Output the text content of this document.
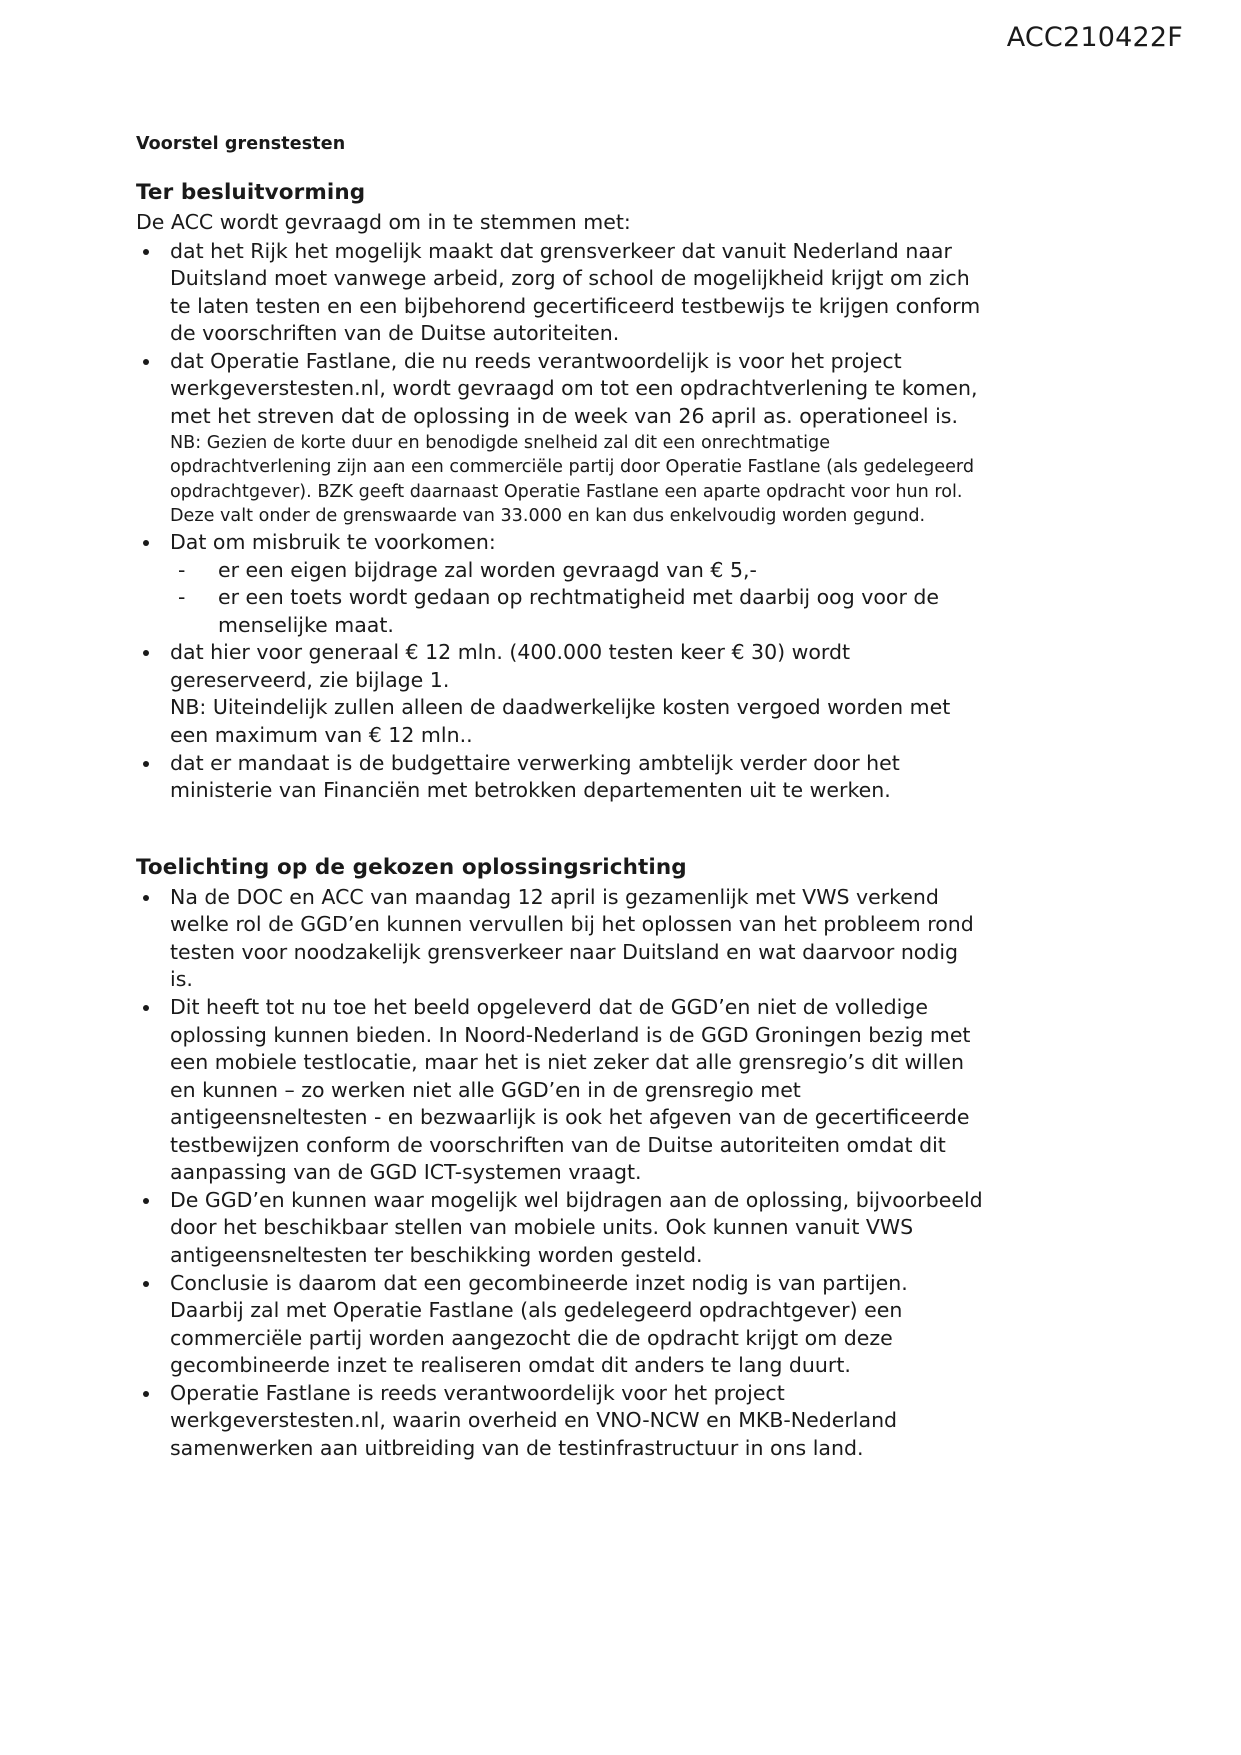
ACC210422F
Voorstel grenstesten
Ter besluitvorming

De ACC wordt gevraagd om in te stemmen met:

dat het Rijk het mogelijk maakt dat grensverkeer dat vanuit Nederland naar Duitsland moet vanwege arbeid, zorg of school de mogelijkheid krijgt om zich te laten testen en een bijbehorend gecertificeerd testbewijs te krijgen conform de voorschriften van de Duitse autoriteiten.
dat Operatie Fastlane, die nu reeds verantwoordelijk is voor het project werkgeverstesten.nl, wordt gevraagd om tot een opdrachtverlening te komen, met het streven dat de oplossing in de week van 26 april as. operationeel is.
NB: Gezien de korte duur en benodigde snelheid zal dit een onrechtmatige opdrachtverlening zijn aan een commerciële partij door Operatie Fastlane (als gedelegeerd opdrachtgever). BZK geeft daarnaast Operatie Fastlane een aparte opdracht voor hun rol. Deze valt onder de grenswaarde van 33.000 en kan dus enkelvoudig worden gegund.
Dat om misbruik te voorkomen:
- er een eigen bijdrage zal worden gevraagd van € 5,-
- er een toets wordt gedaan op rechtmatigheid met daarbij oog voor de menselijke maat.
dat hier voor generaal € 12 mln. (400.000 testen keer € 30) wordt gereserveerd, zie bijlage 1.
NB: Uiteindelijk zullen alleen de daadwerkelijke kosten vergoed worden met een maximum van € 12 mln..
dat er mandaat is de budgettaire verwerking ambtelijk verder door het ministerie van Financiën met betrokken departementen uit te werken.
Toelichting op de gekozen oplossingsrichting
Na de DOC en ACC van maandag 12 april is gezamenlijk met VWS verkend welke rol de GGD’en kunnen vervullen bij het oplossen van het probleem rond testen voor noodzakelijk grensverkeer naar Duitsland en wat daarvoor nodig is.
Dit heeft tot nu toe het beeld opgeleverd dat de GGD’en niet de volledige oplossing kunnen bieden. In Noord-Nederland is de GGD Groningen bezig met een mobiele testlocatie, maar het is niet zeker dat alle grensregio’s dit willen en kunnen – zo werken niet alle GGD’en in de grensregio met antigeensneltesten - en bezwaarlijk is ook het afgeven van de gecertificeerde testbewijzen conform de voorschriften van de Duitse autoriteiten omdat dit aanpassing van de GGD ICT-systemen vraagt.
De GGD’en kunnen waar mogelijk wel bijdragen aan de oplossing, bijvoorbeeld door het beschikbaar stellen van mobiele units. Ook kunnen vanuit VWS antigeensneltesten ter beschikking worden gesteld.
Conclusie is daarom dat een gecombineerde inzet nodig is van partijen. Daarbij zal met Operatie Fastlane (als gedelegeerd opdrachtgever) een commerciële partij worden aangezocht die de opdracht krijgt om deze gecombineerde inzet te realiseren omdat dit anders te lang duurt.
Operatie Fastlane is reeds verantwoordelijk voor het project werkgeverstesten.nl, waarin overheid en VNO-NCW en MKB-Nederland samenwerken aan uitbreiding van de testinfrastructuur in ons land.
